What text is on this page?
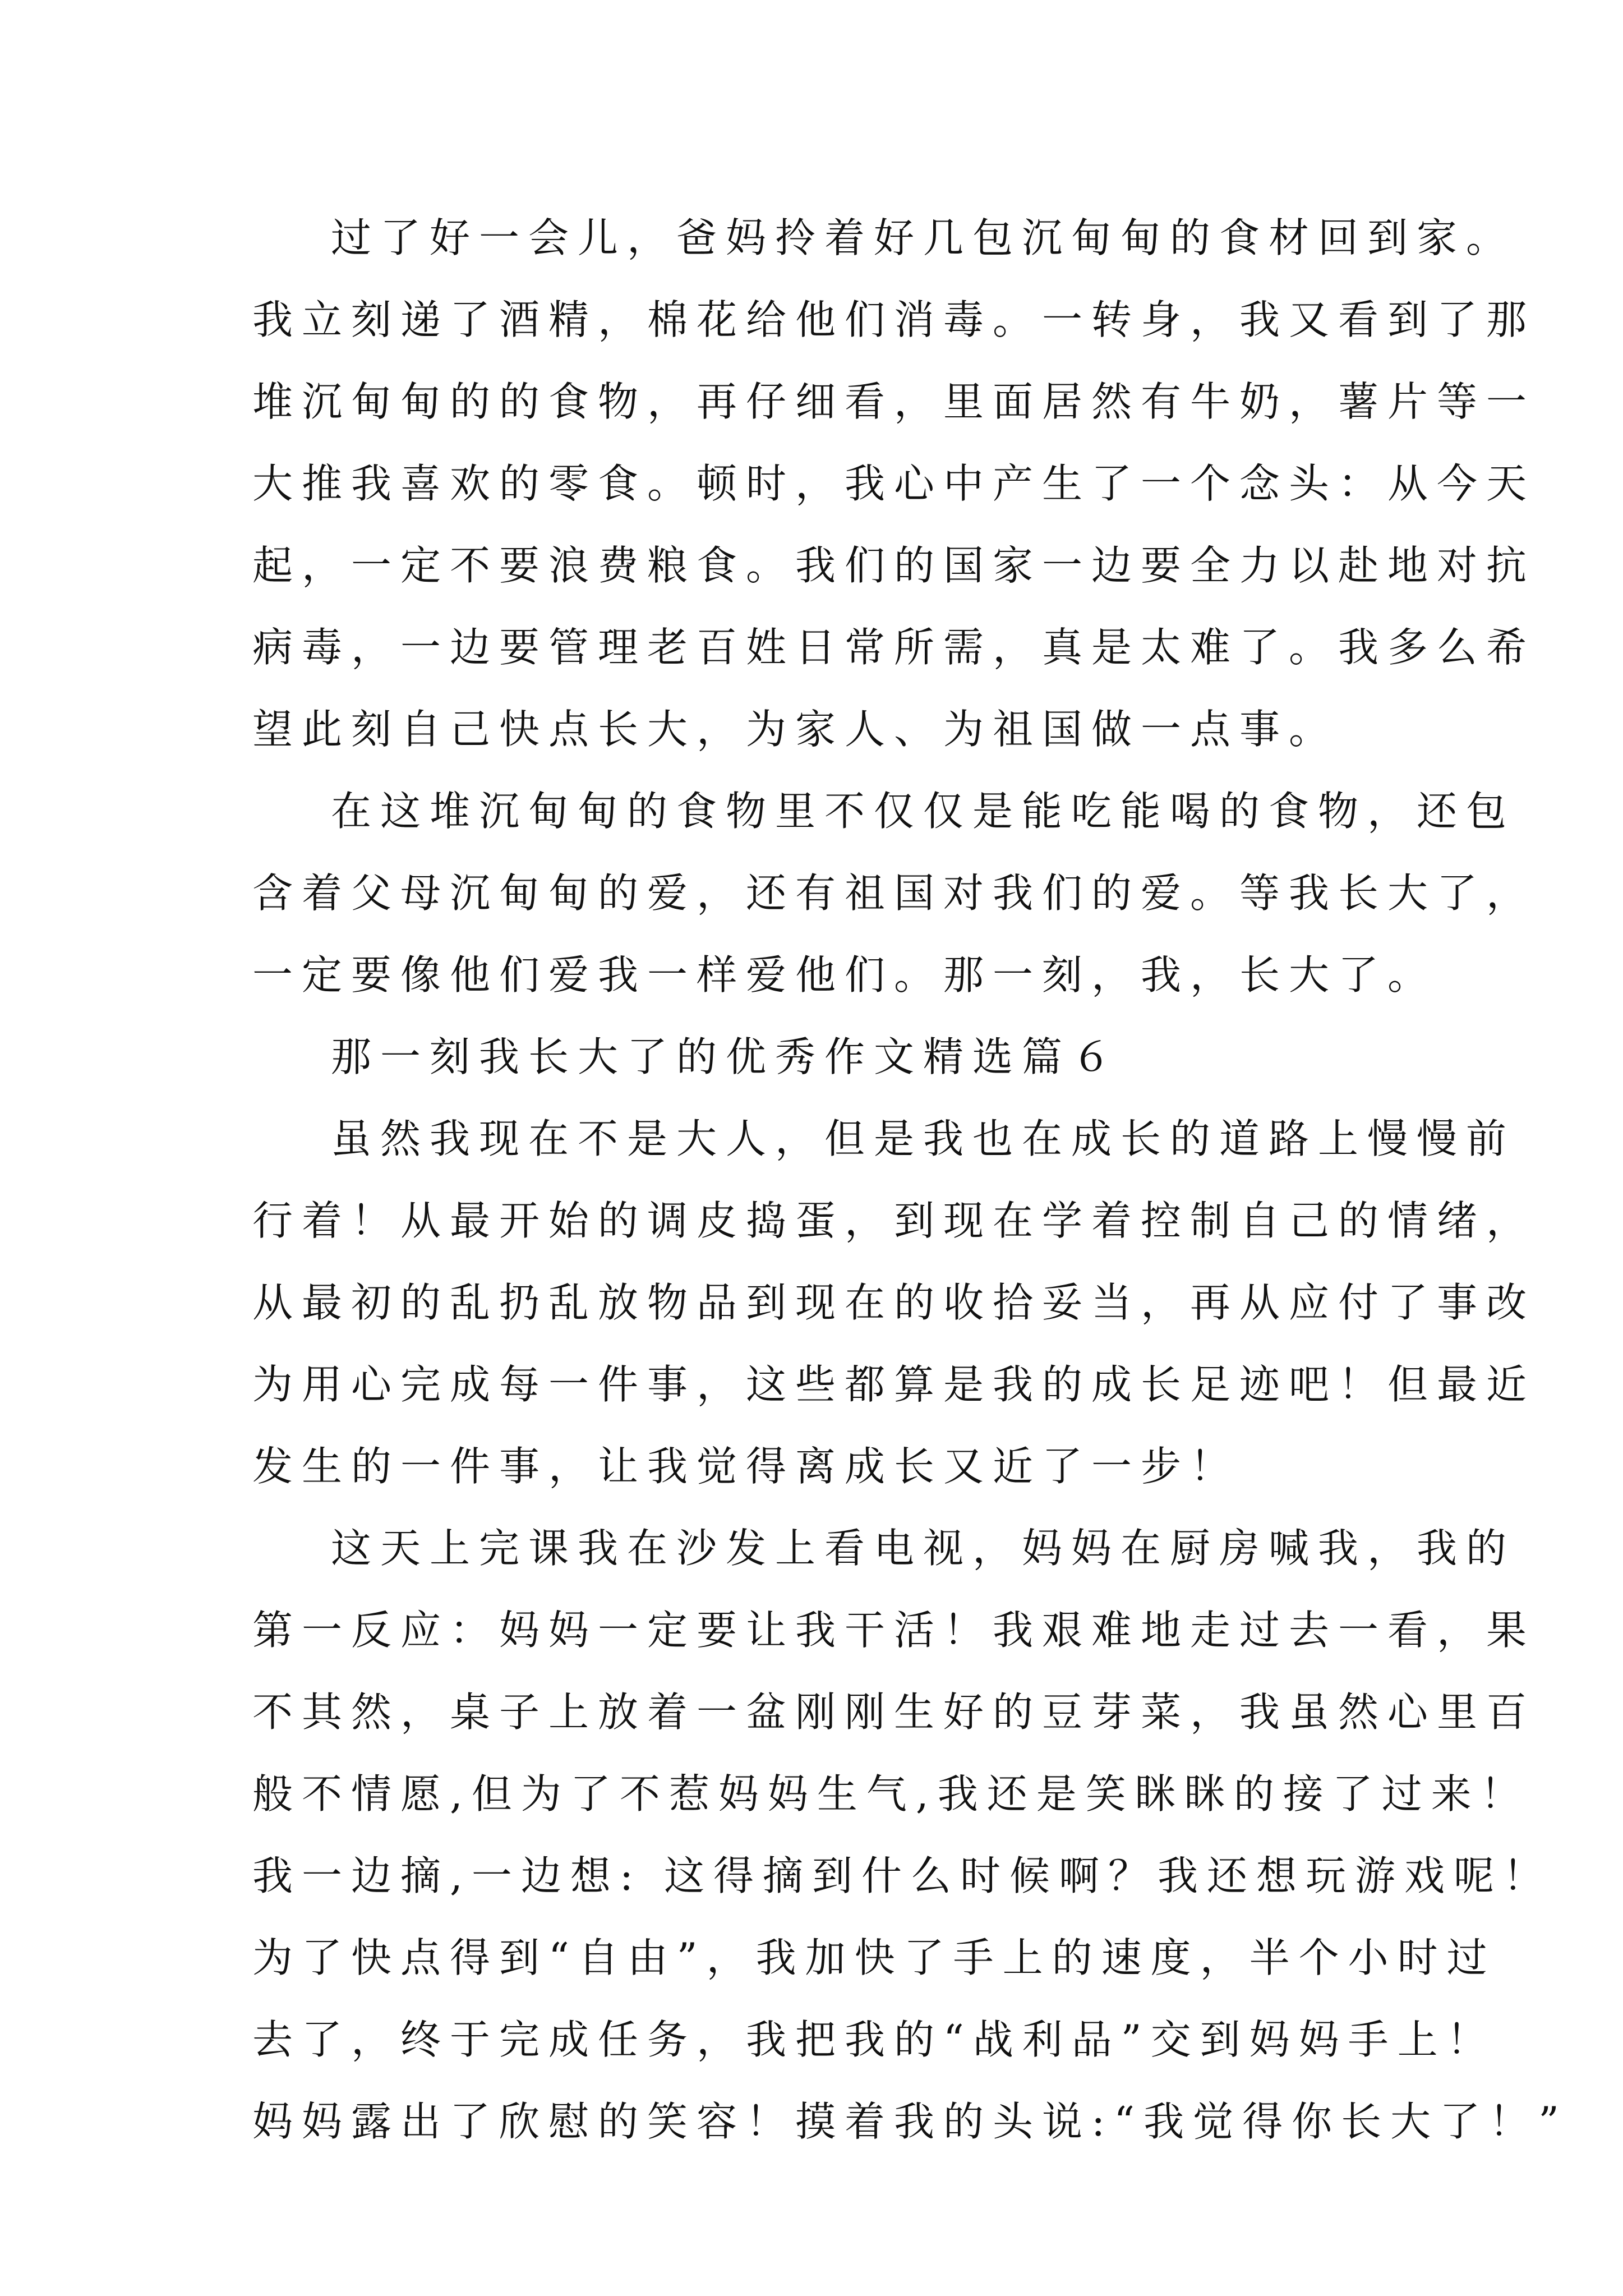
过了好一会儿，爸妈拎着好几包沉甸甸的食材回到家。
我立刻递了酒精，棉花给他们消毒。一转身，我又看到了那
堆沉甸甸的的食物，再仔细看，里面居然有牛奶，薯片等一
大推我喜欢的零食。顿时，我心中产生了一个念头：从今天
起，一定不要浪费粮食。我们的国家一边要全力以赴地对抗
病毒，一边要管理老百姓日常所需，真是太难了。我多么希
望此刻自己快点长大，为家人、为祖国做一点事。
在这堆沉甸甸的食物里不仅仅是能吃能喝的食物，还包
含着父母沉甸甸的爱，还有祖国对我们的爱。等我长大了，
一定要像他们爱我一样爱他们。那一刻，我，长大了。
那一刻我长大了的优秀作文精选篇６
虽然我现在不是大人，但是我也在成长的道路上慢慢前
行着！从最开始的调皮捣蛋，到现在学着控制自己的情绪，
从最初的乱扔乱放物品到现在的收拾妥当，再从应付了事改
为用心完成每一件事，这些都算是我的成长足迹吧！但最近
发生的一件事，让我觉得离成长又近了一步！
这天上完课我在沙发上看电视，妈妈在厨房喊我，我的
第一反应：妈妈一定要让我干活！我艰难地走过去一看，果
不其然，桌子上放着一盆刚刚生好的豆芽菜，我虽然心里百
般不情愿,但为了不惹妈妈生气,我还是笑眯眯的接了过来！
我一边摘,一边想: 这得摘到什么时候啊？我还想玩游戏呢！
为了快点得到“自由”，我加快了手上的速度，半个小时过
去了，终于完成任务，我把我的“战利品”交到妈妈手上！
妈妈露出了欣慰的笑容！摸着我的头说:“我觉得你长大了！”
